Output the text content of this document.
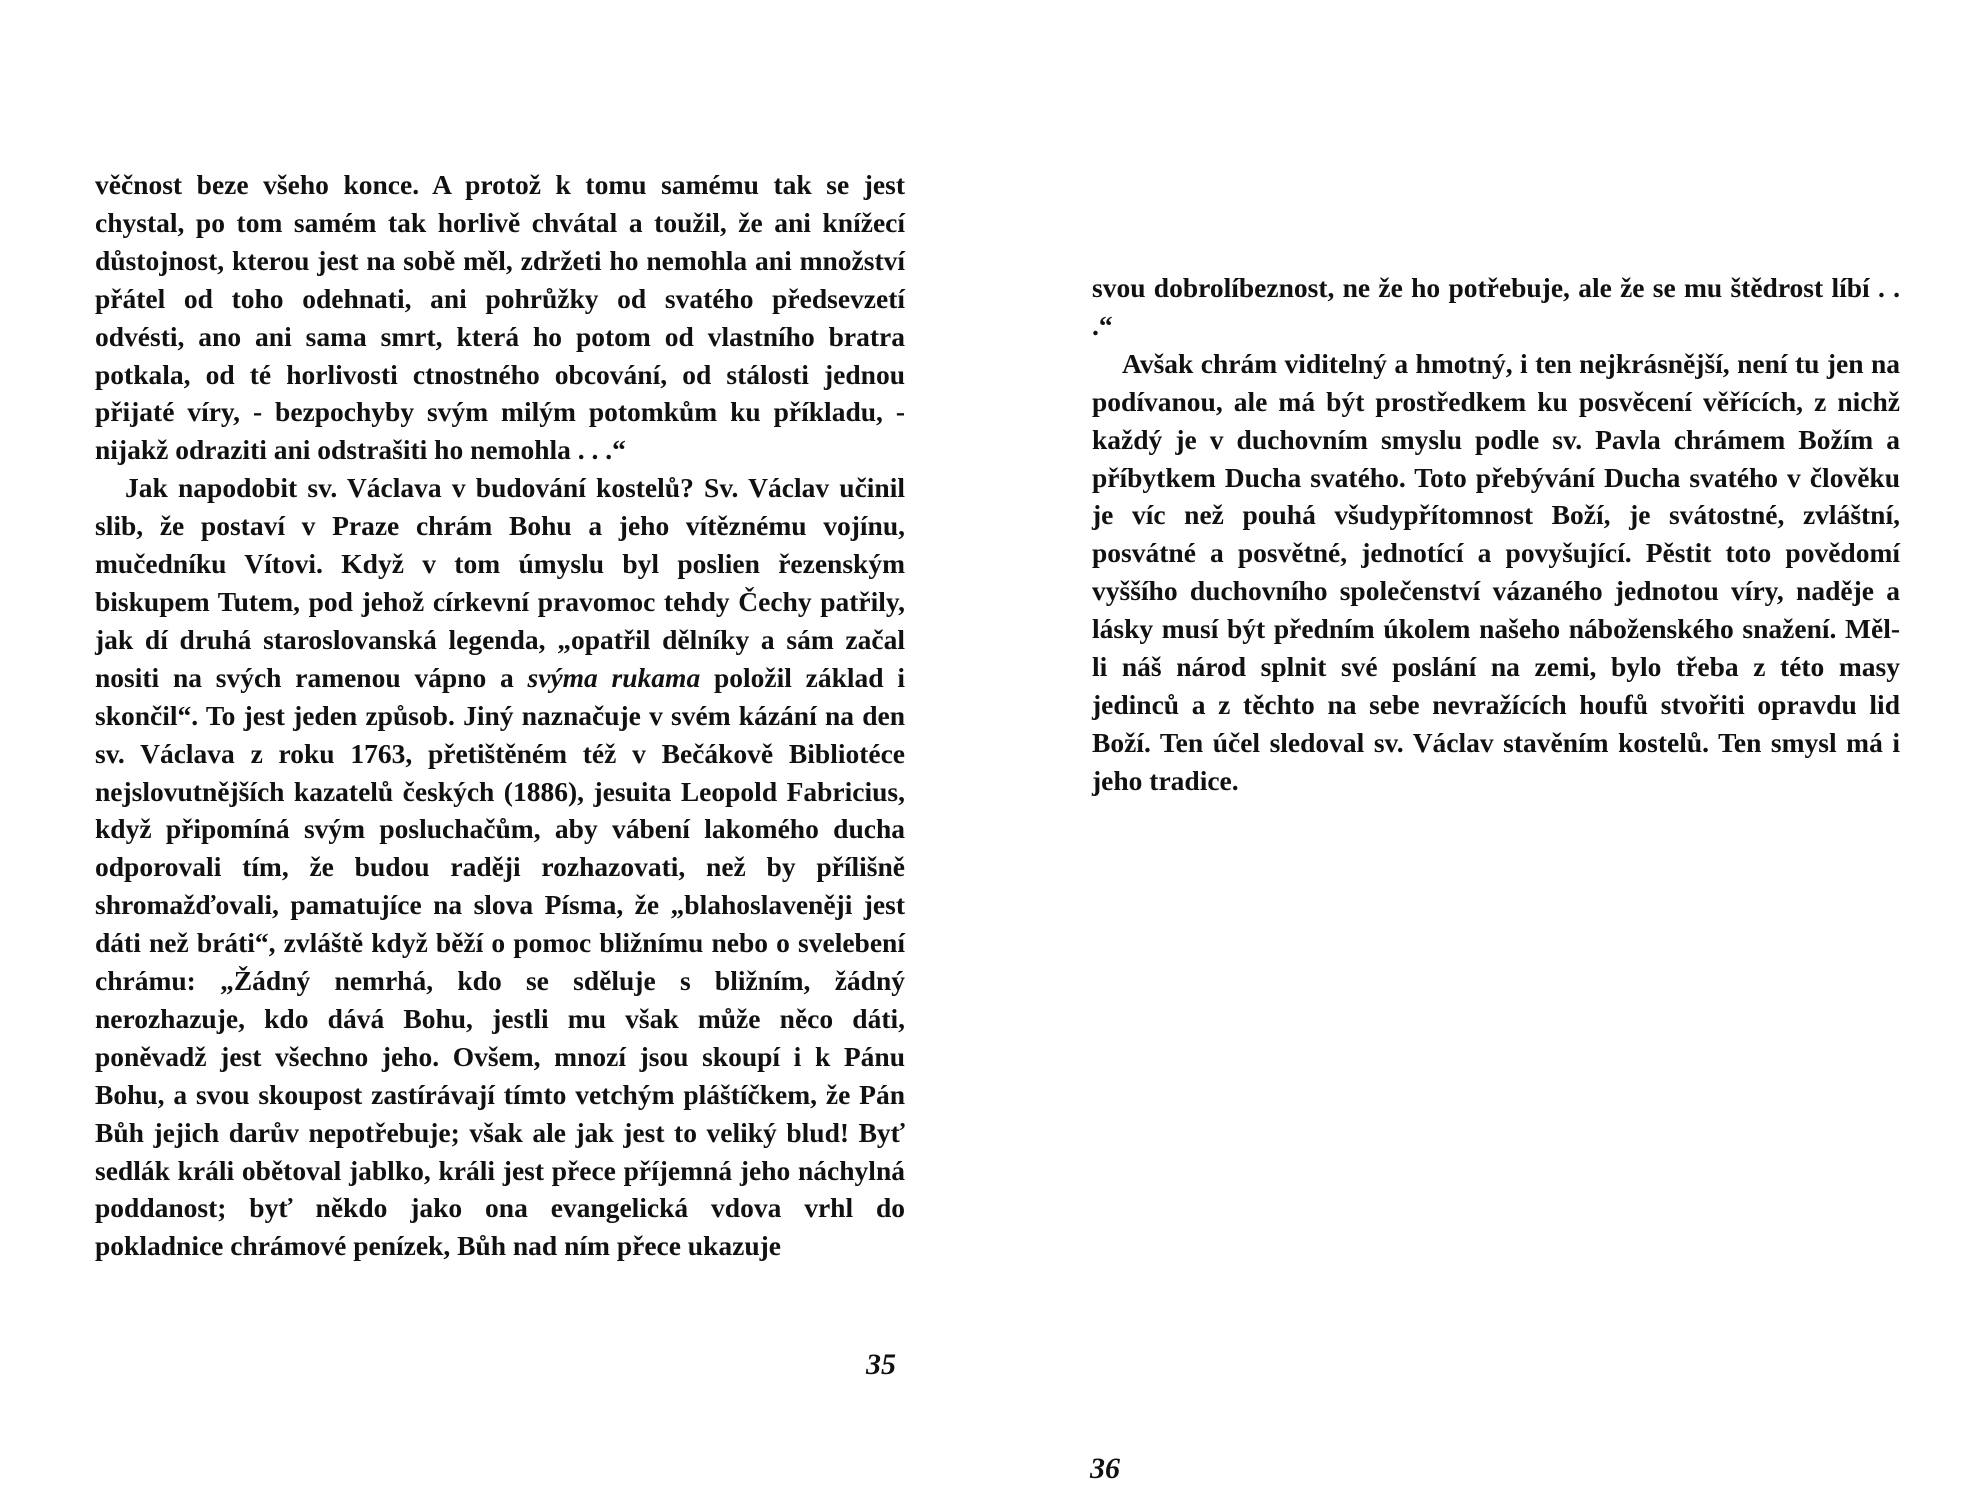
věčnost beze všeho konce. A protož k tomu samému tak se jest chystal, po tom samém tak horlivě chvátal a toužil, že ani knížecí důstojnost, kterou jest na sobě měl, zdržeti ho nemohla ani množství přátel od toho odehnati, ani pohrůžky od svatého předsevzetí odvésti, ano ani sama smrt, která ho potom od vlastního bratra potkala, od té horlivosti ctnostného obcování, od stálosti jednou přijaté víry, - bezpochyby svým milým potomkům ku příkladu, - nijakž odraziti ani odstrašiti ho nemohla . . .“

Jak napodobit sv. Václava v budování kostelů? Sv. Václav učinil slib, že postaví v Praze chrám Bohu a jeho vítěznému vojínu, mučedníku Vítovi. Když v tom úmyslu byl poslien řezenským biskupem Tutem, pod jehož církevní pravomoc tehdy Čechy patřily, jak dí druhá staroslovanská legenda, „opatřil dělníky a sám začal nositi na svých ramenou vápno a svýma rukama položil základ i skončil“. To jest jeden způsob. Jiný naznačuje v svém kázání na den sv. Václava z roku 1763, přetištěném též v Bečákově Bibliotéce nejslovutnějších kazatelů českých (1886), jesuita Leopold Fabricius, když připomíná svým posluchačům, aby vábení lakomého ducha odporovali tím, že budou raději rozhazovati, než by přílišně shromažďovali, pamatujíce na slova Písma, že „blahoslaveněji jest dáti než bráti“, zvláště když běží o pomoc bližnímu nebo o svelebení chrámu: „Žádný nemrhá, kdo se sděluje s bližním, žádný nerozhazuje, kdo dává Bohu, jestli mu však může něco dáti, poněvadž jest všechno jeho. Ovšem, mnozí jsou skoupí i k Pánu Bohu, a svou skoupost zastírávají tímto vetchým pláštíčkem, že Pán Bůh jejich darův nepotřebuje; však ale jak jest to veliký blud! Byť sedlák králi obětoval jablko, králi jest přece příjemná jeho náchylná poddanost; byť někdo jako ona evangelická vdova vrhl do pokladnice chrámové penízek, Bůh nad ním přece ukazuje

35

svou dobrolíbeznost, ne že ho potřebuje, ale že se mu štědrost líbí . . .“

Avšak chrám viditelný a hmotný, i ten nejkrásnější, není tu jen na podívanou, ale má být prostředkem ku posvěcení věřících, z nichž každý je v duchovním smyslu podle sv. Pavla chrámem Božím a příbytkem Ducha svatého. Toto přebývání Ducha svatého v člověku je víc než pouhá všudypřítomnost Boží, je svátostné, zvláštní, posvátné a posvětné, jednotící a povyšující. Pěstit toto povědomí vyššího duchovního společenství vázaného jednotou víry, naděje a lásky musí být předním úkolem našeho náboženského snažení. Měl-li náš národ splnit své poslání na zemi, bylo třeba z této masy jedinců a z těchto na sebe nevražících houfů stvořiti opravdu lid Boží. Ten účel sledoval sv. Václav stavěním kostelů. Ten smysl má i jeho tradice.

36
